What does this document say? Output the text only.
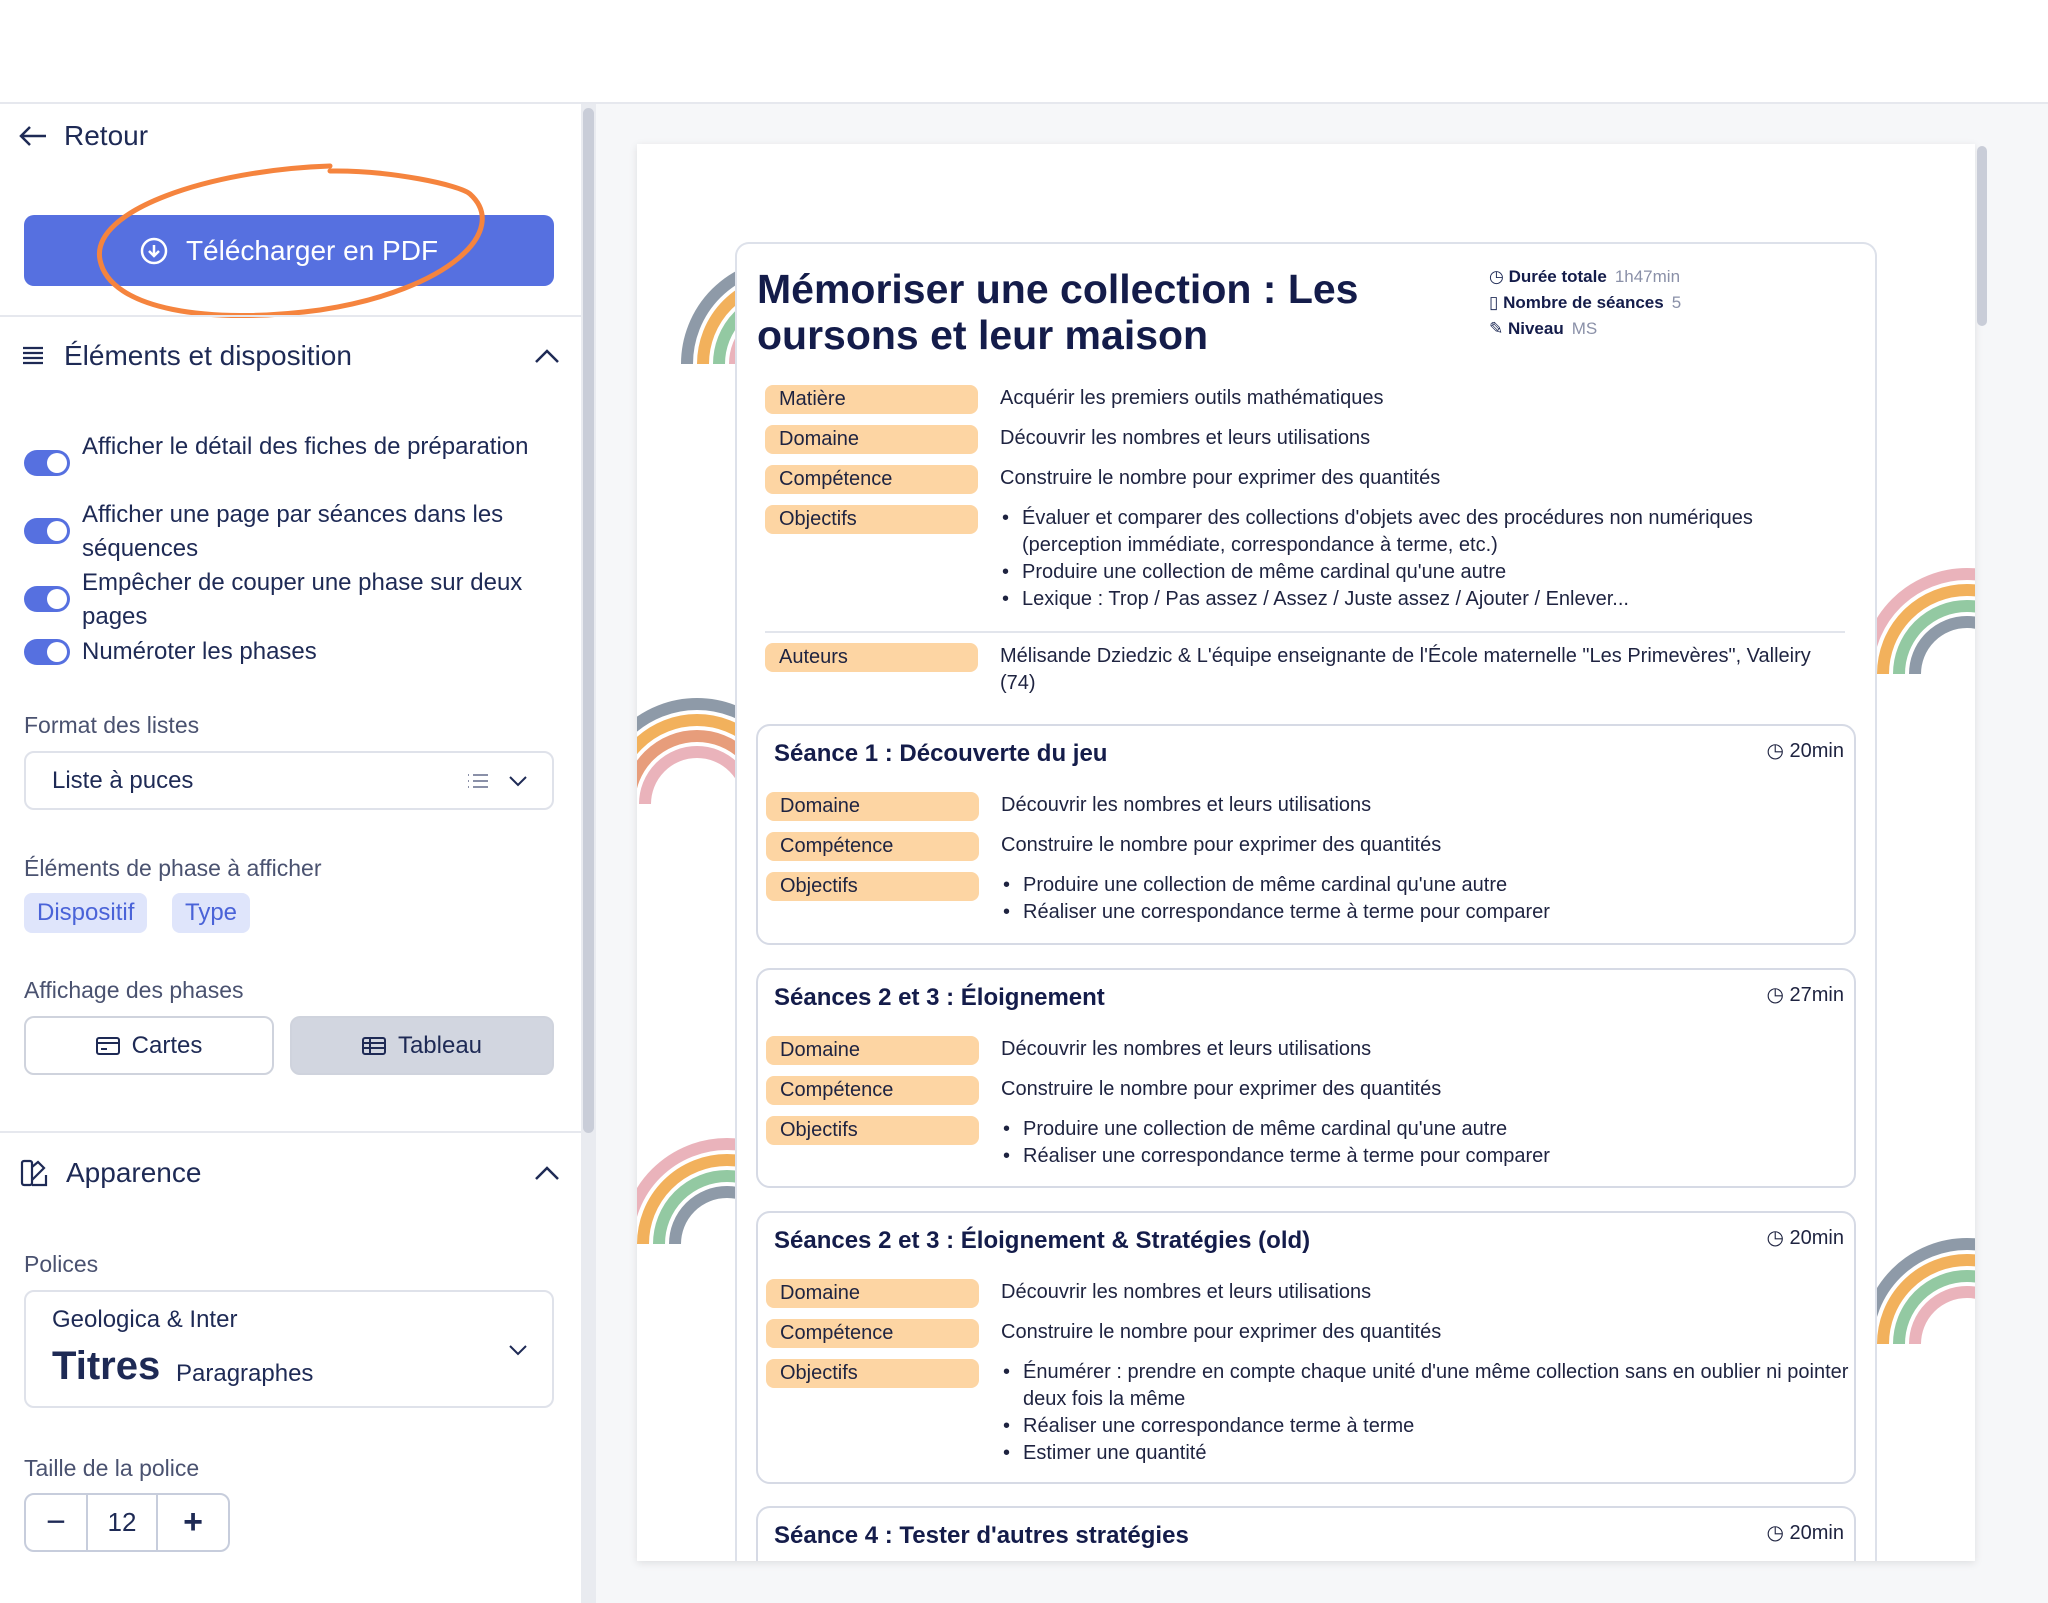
Retour
Télécharger en PDF
Éléments et disposition
Afficher le détail des fiches de préparation
Afficher une page par séances dans les séquences
Empêcher de couper une phase sur deux pages
Numéroter les phases
Format des listes
Liste à puces
Éléments de phase à afficher
Dispositif	Type
Affichage des phases
Cartes	Tableau
Apparence
Polices
Geologica & Inter
Titres Paragraphes
Taille de la police
−	12	+
Mémoriser une collection : Les oursons et leur maison
◷ Durée totale 1h47min
▯ Nombre de séances 5
✎ Niveau MS
Matière	Acquérir les premiers outils mathématiques
Domaine	Découvrir les nombres et leurs utilisations
Compétence	Construire le nombre pour exprimer des quantités
Objectifs	• Évaluer et comparer des collections d'objets avec des procédures non numériques (perception immédiate, correspondance à terme, etc.)
• Produire une collection de même cardinal qu'une autre
• Lexique : Trop / Pas assez / Assez / Juste assez / Ajouter / Enlever...
Auteurs	Mélisande Dziedzic & L'équipe enseignante de l'École maternelle "Les Primevères", Valleiry (74)
Séance 1 : Découverte du jeu	◷ 20min
Domaine	Découvrir les nombres et leurs utilisations
Compétence	Construire le nombre pour exprimer des quantités
Objectifs	• Produire une collection de même cardinal qu'une autre
• Réaliser une correspondance terme à terme pour comparer
Séances 2 et 3 : Éloignement	◷ 27min
Domaine	Découvrir les nombres et leurs utilisations
Compétence	Construire le nombre pour exprimer des quantités
Objectifs	• Produire une collection de même cardinal qu'une autre
• Réaliser une correspondance terme à terme pour comparer
Séances 2 et 3 : Éloignement & Stratégies (old)	◷ 20min
Domaine	Découvrir les nombres et leurs utilisations
Compétence	Construire le nombre pour exprimer des quantités
Objectifs	• Énumérer : prendre en compte chaque unité d'une même collection sans en oublier ni pointer deux fois la même
• Réaliser une correspondance terme à terme
• Estimer une quantité
Séance 4 : Tester d'autres stratégies	◷ 20min
